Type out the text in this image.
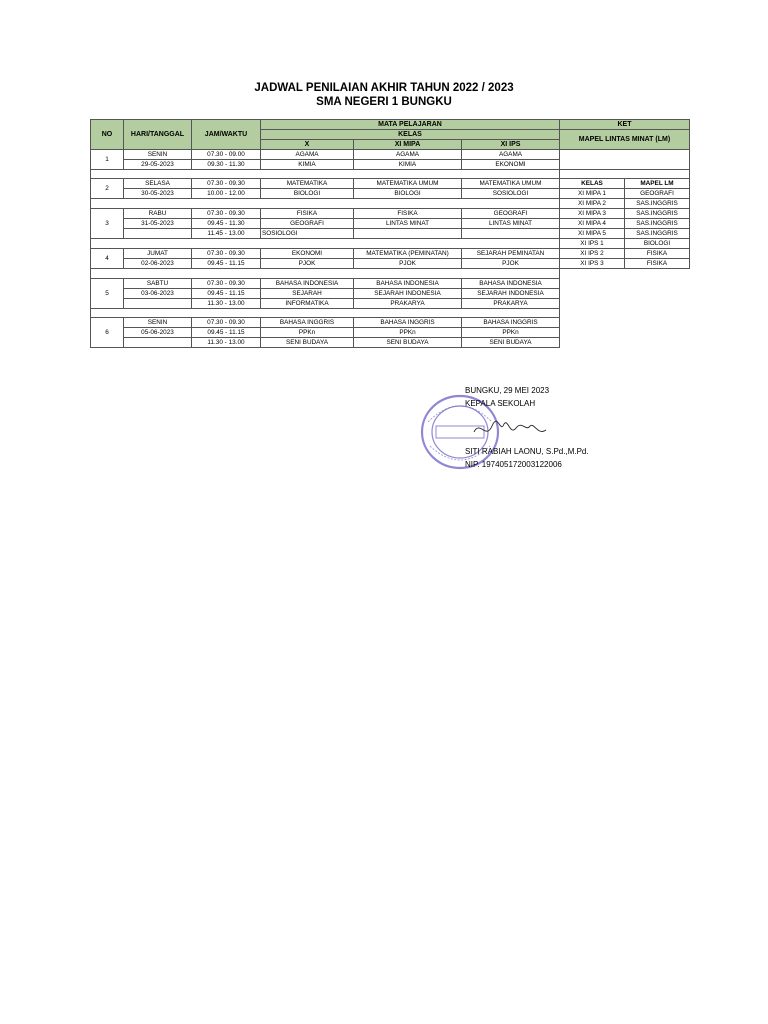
JADWAL PENILAIAN AKHIR TAHUN 2022 / 2023
SMA NEGERI 1 BUNGKU
NO	HARI/TANGGAL	JAM/WAKTU	MATA PELAJARAN			KET	
			KELAS			MAPEL LINTAS MINAT (LM)	
			X	XI MIPA	XI IPS		
1	SENIN	07.30 - 09.00	AGAMA	AGAMA	AGAMA		
	29-05-2023	09.30 - 11.30	KIMIA	KIMIA	EKONOMI		

2	SELASA	07.30 - 09.30	MATEMATIKA	MATEMATIKA UMUM	MATEMATIKA UMUM	KELAS	MAPEL LM
	30-05-2023	10.00 - 12.00	BIOLOGI	BIOLOGI	SOSIOLOGI	XI MIPA 1	GEOGRAFI
						XI MIPA 2	SAS.INGGRIS
3	RABU	07.30 - 09.30	FISIKA	FISIKA	GEOGRAFI	XI MIPA 3	SAS.INGGRIS
	31-05-2023	09.45 - 11.30	GEOGRAFI	LINTAS MINAT	LINTAS MINAT	XI MIPA 4	SAS.INGGRIS
		11.45 - 13.00	SOSIOLOGI			XI MIPA 5	SAS.INGGRIS
						XI IPS 1	BIOLOGI
4	JUMAT	07.30 - 09.30	EKONOMI	MATEMATIKA (PEMINATAN)	SEJARAH PEMINATAN	XI IPS 2	FISIKA
	02-06-2023	09.45 - 11.15	PJOK	PJOK	PJOK	XI IPS 3	FISIKA

5	SABTU	07.30 - 09.30	BAHASA INDONESIA	BAHASA INDONESIA	BAHASA INDONESIA		
	03-06-2023	09.45 - 11.15	SEJARAH	SEJARAH INDONESIA	SEJARAH INDONESIA		
		11.30 - 13.00	INFORMATIKA	PRAKARYA	PRAKARYA		

6	SENIN	07.30 - 09.30	BAHASA INGGRIS	BAHASA INGGRIS	BAHASA INGGRIS		
	05-06-2023	09.45 - 11.15	PPKn	PPKn	PPKn		
		11.30 - 13.00	SENI BUDAYA	SENI BUDAYA	SENI BUDAYA		
BUNGKU, 29 MEI 2023
KEPALA SEKOLAH
SITI RABIAH LAONU, S.Pd.,M.Pd.
NIP. 197405172003122006
